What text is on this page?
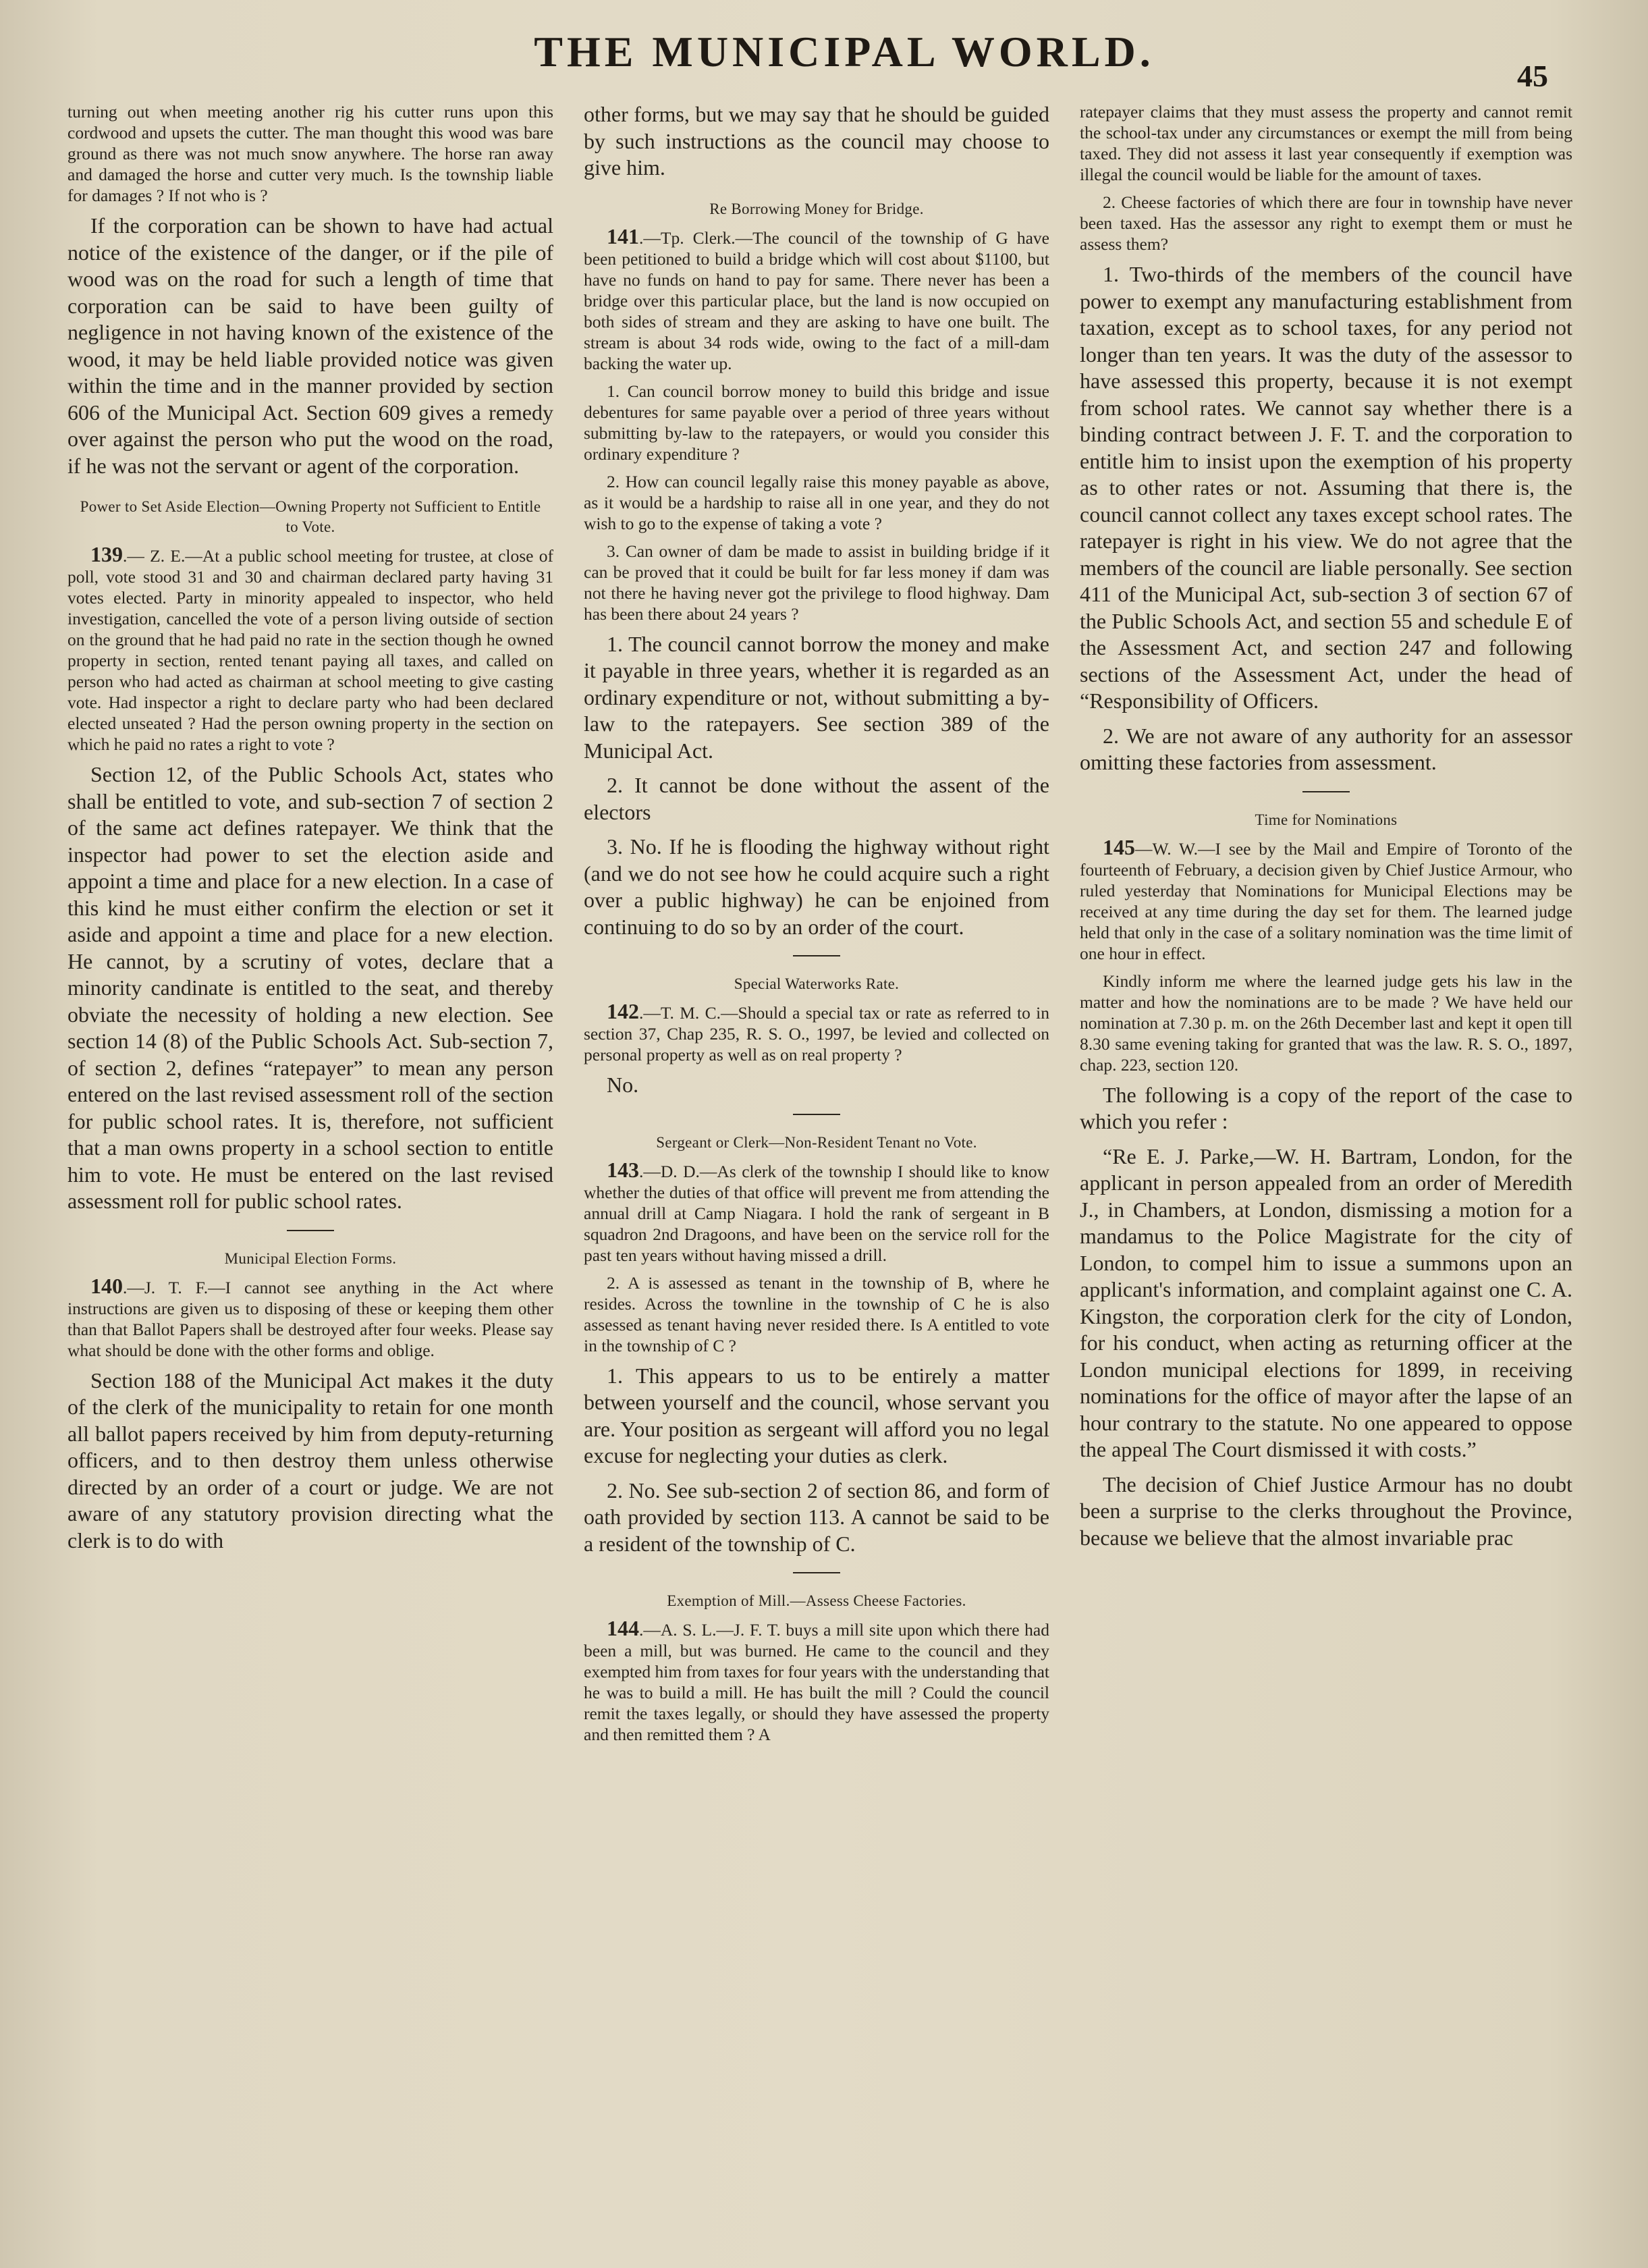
THE MUNICIPAL WORLD.
45

turning out when meeting another rig his cutter runs upon this cordwood and upsets the cutter. The man thought this wood was bare ground as there was not much snow anywhere. The horse ran away and damaged the horse and cutter very much. Is the township liable for damages ? If not who is ?

If the corporation can be shown to have had actual notice of the existence of the danger, or if the pile of wood was on the road for such a length of time that corporation can be said to have been guilty of negligence in not having known of the existence of the wood, it may be held liable provided notice was given within the time and in the manner provided by section 606 of the Municipal Act. Section 609 gives a remedy over against the person who put the wood on the road, if he was not the servant or agent of the corporation.

Power to Set Aside Election—Owning Property not Sufficient to Entitle to Vote.

139.— Z. E.—At a public school meeting for trustee, at close of poll, vote stood 31 and 30 and chairman declared party having 31 votes elected. Party in minority appealed to inspector, who held investigation, cancelled the vote of a person living outside of section on the ground that he had paid no rate in the section though he owned property in section, rented tenant paying all taxes, and called on person who had acted as chairman at school meeting to give casting vote. Had inspector a right to declare party who had been declared elected unseated ? Had the person owning property in the section on which he paid no rates a right to vote ?

Section 12, of the Public Schools Act, states who shall be entitled to vote, and sub-section 7 of section 2 of the same act defines ratepayer. We think that the inspector had power to set the election aside and appoint a time and place for a new election. In a case of this kind he must either confirm the election or set it aside and appoint a time and place for a new election. He cannot, by a scrutiny of votes, declare that a minority candinate is entitled to the seat, and thereby obviate the necessity of holding a new election. See section 14 (8) of the Public Schools Act. Sub-section 7, of section 2, defines “ratepayer” to mean any person entered on the last revised assessment roll of the section for public school rates. It is, therefore, not sufficient that a man owns property in a school section to entitle him to vote. He must be entered on the last revised assessment roll for public school rates.

Municipal Election Forms.

140.—J. T. F.—I cannot see anything in the Act where instructions are given us to disposing of these or keeping them other than that Ballot Papers shall be destroyed after four weeks. Please say what should be done with the other forms and oblige.

Section 188 of the Municipal Act makes it the duty of the clerk of the municipality to retain for one month all ballot papers received by him from deputy-returning officers, and to then destroy them unless otherwise directed by an order of a court or judge. We are not aware of any statutory provision directing what the clerk is to do with

other forms, but we may say that he should be guided by such instructions as the council may choose to give him.

Re Borrowing Money for Bridge.

141.—Tp. Clerk.—The council of the township of G have been petitioned to build a bridge which will cost about $1100, but have no funds on hand to pay for same. There never has been a bridge over this particular place, but the land is now occupied on both sides of stream and they are asking to have one built. The stream is about 34 rods wide, owing to the fact of a mill-dam backing the water up.

1. Can council borrow money to build this bridge and issue debentures for same payable over a period of three years without submitting by-law to the ratepayers, or would you consider this ordinary expenditure ?

2. How can council legally raise this money payable as above, as it would be a hardship to raise all in one year, and they do not wish to go to the expense of taking a vote ?

3. Can owner of dam be made to assist in building bridge if it can be proved that it could be built for far less money if dam was not there he having never got the privilege to flood highway. Dam has been there about 24 years ?

1. The council cannot borrow the money and make it payable in three years, whether it is regarded as an ordinary expenditure or not, without submitting a by-law to the ratepayers. See section 389 of the Municipal Act.

2. It cannot be done without the assent of the electors

3. No. If he is flooding the highway without right (and we do not see how he could acquire such a right over a public highway) he can be enjoined from continuing to do so by an order of the court.

Special Waterworks Rate.

142.—T. M. C.—Should a special tax or rate as referred to in section 37, Chap 235, R. S. O., 1997, be levied and collected on personal property as well as on real property ?

No.

Sergeant or Clerk—Non-Resident Tenant no Vote.

143.—D. D.—As clerk of the township I should like to know whether the duties of that office will prevent me from attending the annual drill at Camp Niagara. I hold the rank of sergeant in B squadron 2nd Dragoons, and have been on the service roll for the past ten years without having missed a drill.

2. A is assessed as tenant in the township of B, where he resides. Across the townline in the township of C he is also assessed as tenant having never resided there. Is A entitled to vote in the township of C ?

1. This appears to us to be entirely a matter between yourself and the council, whose servant you are. Your position as sergeant will afford you no legal excuse for neglecting your duties as clerk.

2. No. See sub-section 2 of section 86, and form of oath provided by section 113. A cannot be said to be a resident of the township of C.

Exemption of Mill.—Assess Cheese Factories.

144.—A. S. L.—J. F. T. buys a mill site upon which there had been a mill, but was burned. He came to the council and they exempted him from taxes for four years with the understanding that he was to build a mill. He has built the mill ? Could the council remit the taxes legally, or should they have assessed the property and then remitted them ? A

ratepayer claims that they must assess the property and cannot remit the school-tax under any circumstances or exempt the mill from being taxed. They did not assess it last year consequently if exemption was illegal the council would be liable for the amount of taxes.

2. Cheese factories of which there are four in township have never been taxed. Has the assessor any right to exempt them or must he assess them?

1. Two-thirds of the members of the council have power to exempt any manufacturing establishment from taxation, except as to school taxes, for any period not longer than ten years. It was the duty of the assessor to have assessed this property, because it is not exempt from school rates. We cannot say whether there is a binding contract between J. F. T. and the corporation to entitle him to insist upon the exemption of his property as to other rates or not. Assuming that there is, the council cannot collect any taxes except school rates. The ratepayer is right in his view. We do not agree that the members of the council are liable personally. See section 411 of the Municipal Act, sub-section 3 of section 67 of the Public Schools Act, and section 55 and schedule E of the Assessment Act, and section 247 and following sections of the Assessment Act, under the head of “Responsibility of Officers.

2. We are not aware of any authority for an assessor omitting these factories from assessment.

Time for Nominations

145—W. W.—I see by the Mail and Empire of Toronto of the fourteenth of February, a decision given by Chief Justice Armour, who ruled yesterday that Nominations for Municipal Elections may be received at any time during the day set for them. The learned judge held that only in the case of a solitary nomination was the time limit of one hour in effect.

Kindly inform me where the learned judge gets his law in the matter and how the nominations are to be made ? We have held our nomination at 7.30 p. m. on the 26th December last and kept it open till 8.30 same evening taking for granted that was the law. R. S. O., 1897, chap. 223, section 120.

The following is a copy of the report of the case to which you refer :

“Re E. J. Parke,—W. H. Bartram, London, for the applicant in person appealed from an order of Meredith J., in Chambers, at London, dismissing a motion for a mandamus to the Police Magistrate for the city of London, to compel him to issue a summons upon an applicant's information, and complaint against one C. A. Kingston, the corporation clerk for the city of London, for his conduct, when acting as returning officer at the London municipal elections for 1899, in receiving nominations for the office of mayor after the lapse of an hour contrary to the statute. No one appeared to oppose the appeal The Court dismissed it with costs.”

The decision of Chief Justice Armour has no doubt been a surprise to the clerks throughout the Province, because we believe that the almost invariable prac
